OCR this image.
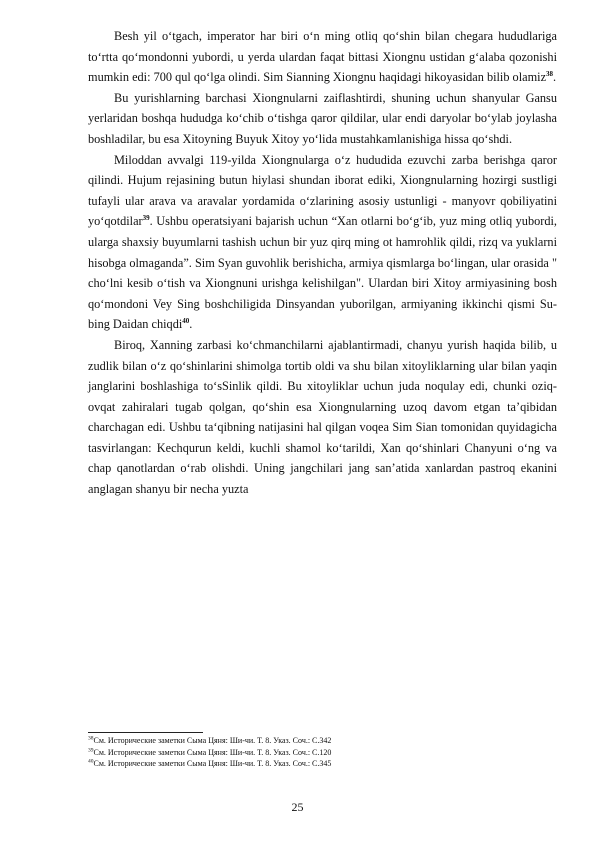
Besh yil o‘tgach, imperator har biri o‘n ming otliq qo‘shin bilan chegara hududlariga to‘rtta qo‘mondonni yubordi, u yerda ulardan faqat bittasi Xiongnu ustidan g‘alaba qozonishi mumkin edi: 700 qul qo‘lga olindi. Sim Sianning Xiongnu haqidagi hikoyasidan bilib olamiz$^{38}$.

Bu yurishlarning barchasi Xiongnularni zaiflashtirdi, shuning uchun shanyular Gansu yerlaridan boshqa hududga ko‘chib o‘tishga qaror qildilar, ular endi daryolar bo‘ylab joylasha boshladilar, bu esa Xitoyning Buyuk Xitoy yo‘lida mustahkamlanishiga hissa qo‘shdi.

Miloddan avvalgi 119-yilda Xiongnularga o‘z hududida ezuvchi zarba berishga qaror qilindi. Hujum rejasining butun hiylasi shundan iborat ediki, Xiongnularning hozirgi sustligi tufayli ular arava va aravalar yordamida o‘zlarining asosiy ustunligi - manyovr qobiliyatini yo‘qotdilar$^{39}$. Ushbu operatsiyani bajarish uchun “Xan otlarni bo‘g‘ib, yuz ming otliq yubordi, ularga shaxsiy buyumlarni tashish uchun bir yuz qirq ming ot hamrohlik qildi, rizq va yuklarni hisobga olmaganda”. Sim Syan guvohlik berishicha, armiya qismlarga bo‘lingan, ular orasida " cho‘lni kesib o‘tish va Xiongnuni urishga kelishilgan". Ulardan biri Xitoy armiyasining bosh qo‘mondoni Vey Sing boshchiligida Dinsyandan yuborilgan, armiyaning ikkinchi qismi Su-bing Daidan chiqdi$^{40}$.

Biroq, Xanning zarbasi ko‘chmanchilarni ajablantirmadi, chanyu yurish haqida bilib, u zudlik bilan o‘z qo‘shinlarini shimolga tortib oldi va shu bilan xitoyliklarning ular bilan yaqin janglarini boshlashiga to‘sSinlik qildi. Bu xitoyliklar uchun juda noqulay edi, chunki oziq-ovqat zahiralari tugab qolgan, qo‘shin esa Xiongnularning uzoq davom etgan ta’qibidan charchagan edi. Ushbu ta‘qibning natijasini hal qilgan voqea Sim Sian tomonidan quyidagicha tasvirlangan: Kechqurun keldi, kuchli shamol ko‘tarildi, Xan qo‘shinlari Chanyuni o‘ng va chap qanotlardan o‘rab olishdi. Uning jangchilari jang san’atida xanlardan pastroq ekanini anglagan shanyu bir necha yuzta

$^{38}$См. Исторические заметки Сыма Цяня: Ши-чи. Т. 8. Указ. Соч.: С.342

$^{39}$См. Исторические заметки Сыма Цяня: Ши-чи. Т. 8. Указ. Соч.: С.120

$^{40}$См. Исторические заметки Сыма Цяня: Ши-чи. Т. 8. Указ. Соч.: С.345

25
